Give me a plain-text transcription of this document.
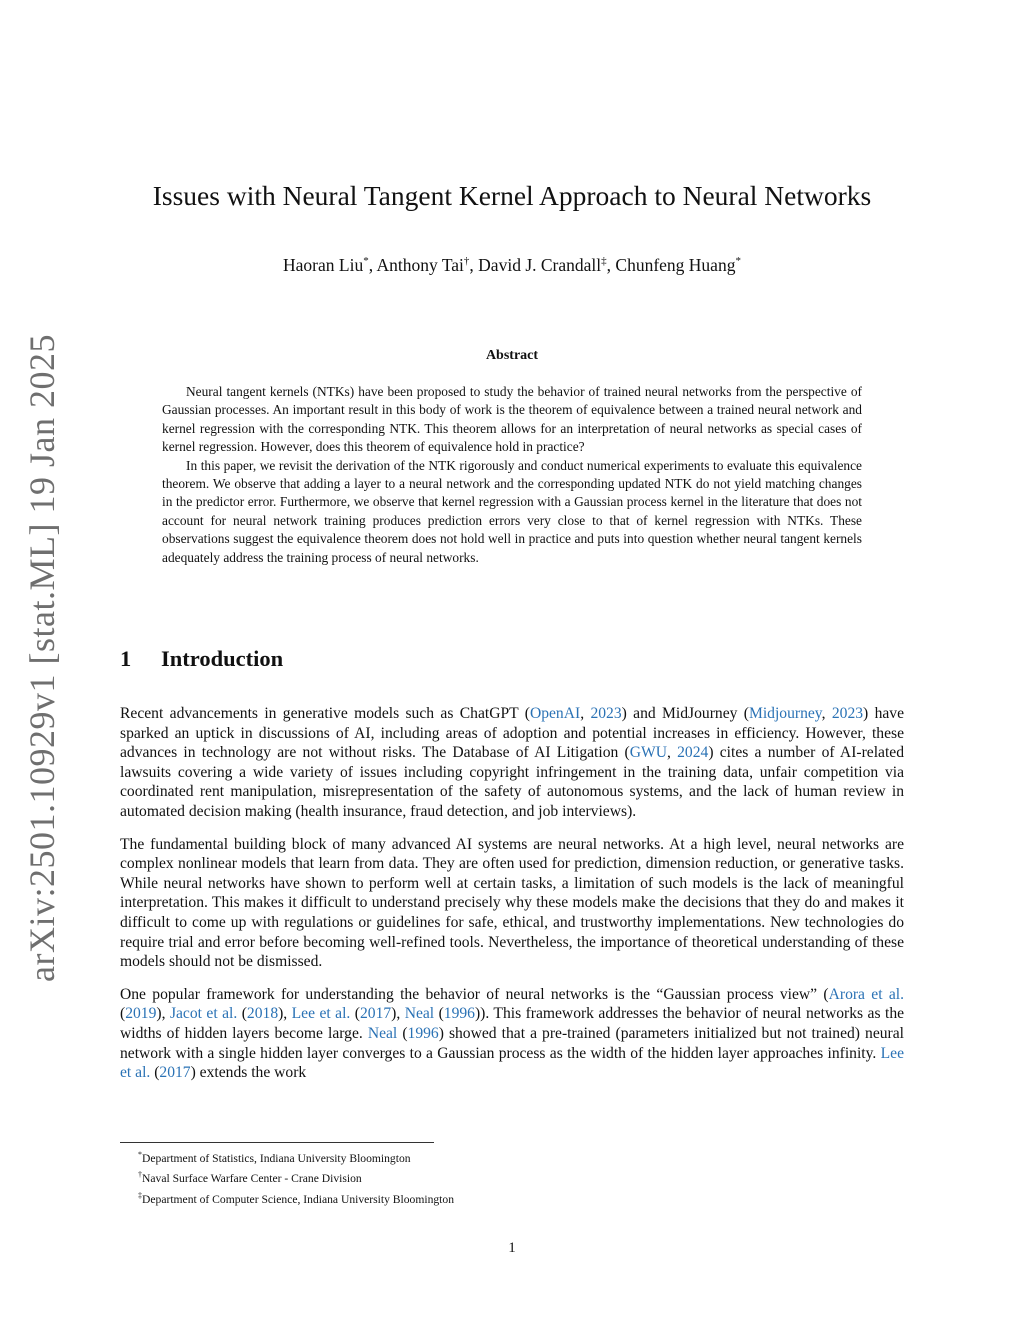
arXiv:2501.10929v1 [stat.ML] 19 Jan 2025
Issues with Neural Tangent Kernel Approach to Neural Networks
Haoran Liu*, Anthony Tai†, David J. Crandall‡, Chunfeng Huang*
Abstract

Neural tangent kernels (NTKs) have been proposed to study the behavior of trained neural networks from the perspective of Gaussian processes. An important result in this body of work is the theorem of equivalence between a trained neural network and kernel regression with the corresponding NTK. This theorem allows for an interpretation of neural networks as special cases of kernel regression. However, does this theorem of equivalence hold in practice?

In this paper, we revisit the derivation of the NTK rigorously and conduct numerical experiments to evaluate this equivalence theorem. We observe that adding a layer to a neural network and the corresponding updated NTK do not yield matching changes in the predictor error. Furthermore, we observe that kernel regression with a Gaussian process kernel in the literature that does not account for neural network training produces prediction errors very close to that of kernel regression with NTKs. These observations suggest the equivalence theorem does not hold well in practice and puts into question whether neural tangent kernels adequately address the training process of neural networks.

1 Introduction

Recent advancements in generative models such as ChatGPT (OpenAI, 2023) and MidJourney (Midjourney, 2023) have sparked an uptick in discussions of AI, including areas of adoption and potential increases in efficiency. However, these advances in technology are not without risks. The Database of AI Litigation (GWU, 2024) cites a number of AI-related lawsuits covering a wide variety of issues including copyright infringement in the training data, unfair competition via coordinated rent manipulation, misrepresentation of the safety of autonomous systems, and the lack of human review in automated decision making (health insurance, fraud detection, and job interviews).

The fundamental building block of many advanced AI systems are neural networks. At a high level, neural networks are complex nonlinear models that learn from data. They are often used for prediction, dimension reduction, or generative tasks. While neural networks have shown to perform well at certain tasks, a limitation of such models is the lack of meaningful interpretation. This makes it difficult to understand precisely why these models make the decisions that they do and makes it difficult to come up with regulations or guidelines for safe, ethical, and trustworthy implementations. New technologies do require trial and error before becoming well-refined tools. Nevertheless, the importance of theoretical understanding of these models should not be dismissed.

One popular framework for understanding the behavior of neural networks is the “Gaussian process view” (Arora et al. (2019), Jacot et al. (2018), Lee et al. (2017), Neal (1996)). This framework addresses the behavior of neural networks as the widths of hidden layers become large. Neal (1996) showed that a pre-trained (parameters initialized but not trained) neural network with a single hidden layer converges to a Gaussian process as the width of the hidden layer approaches infinity. Lee et al. (2017) extends the work

*Department of Statistics, Indiana University Bloomington
†Naval Surface Warfare Center - Crane Division
‡Department of Computer Science, Indiana University Bloomington
1
